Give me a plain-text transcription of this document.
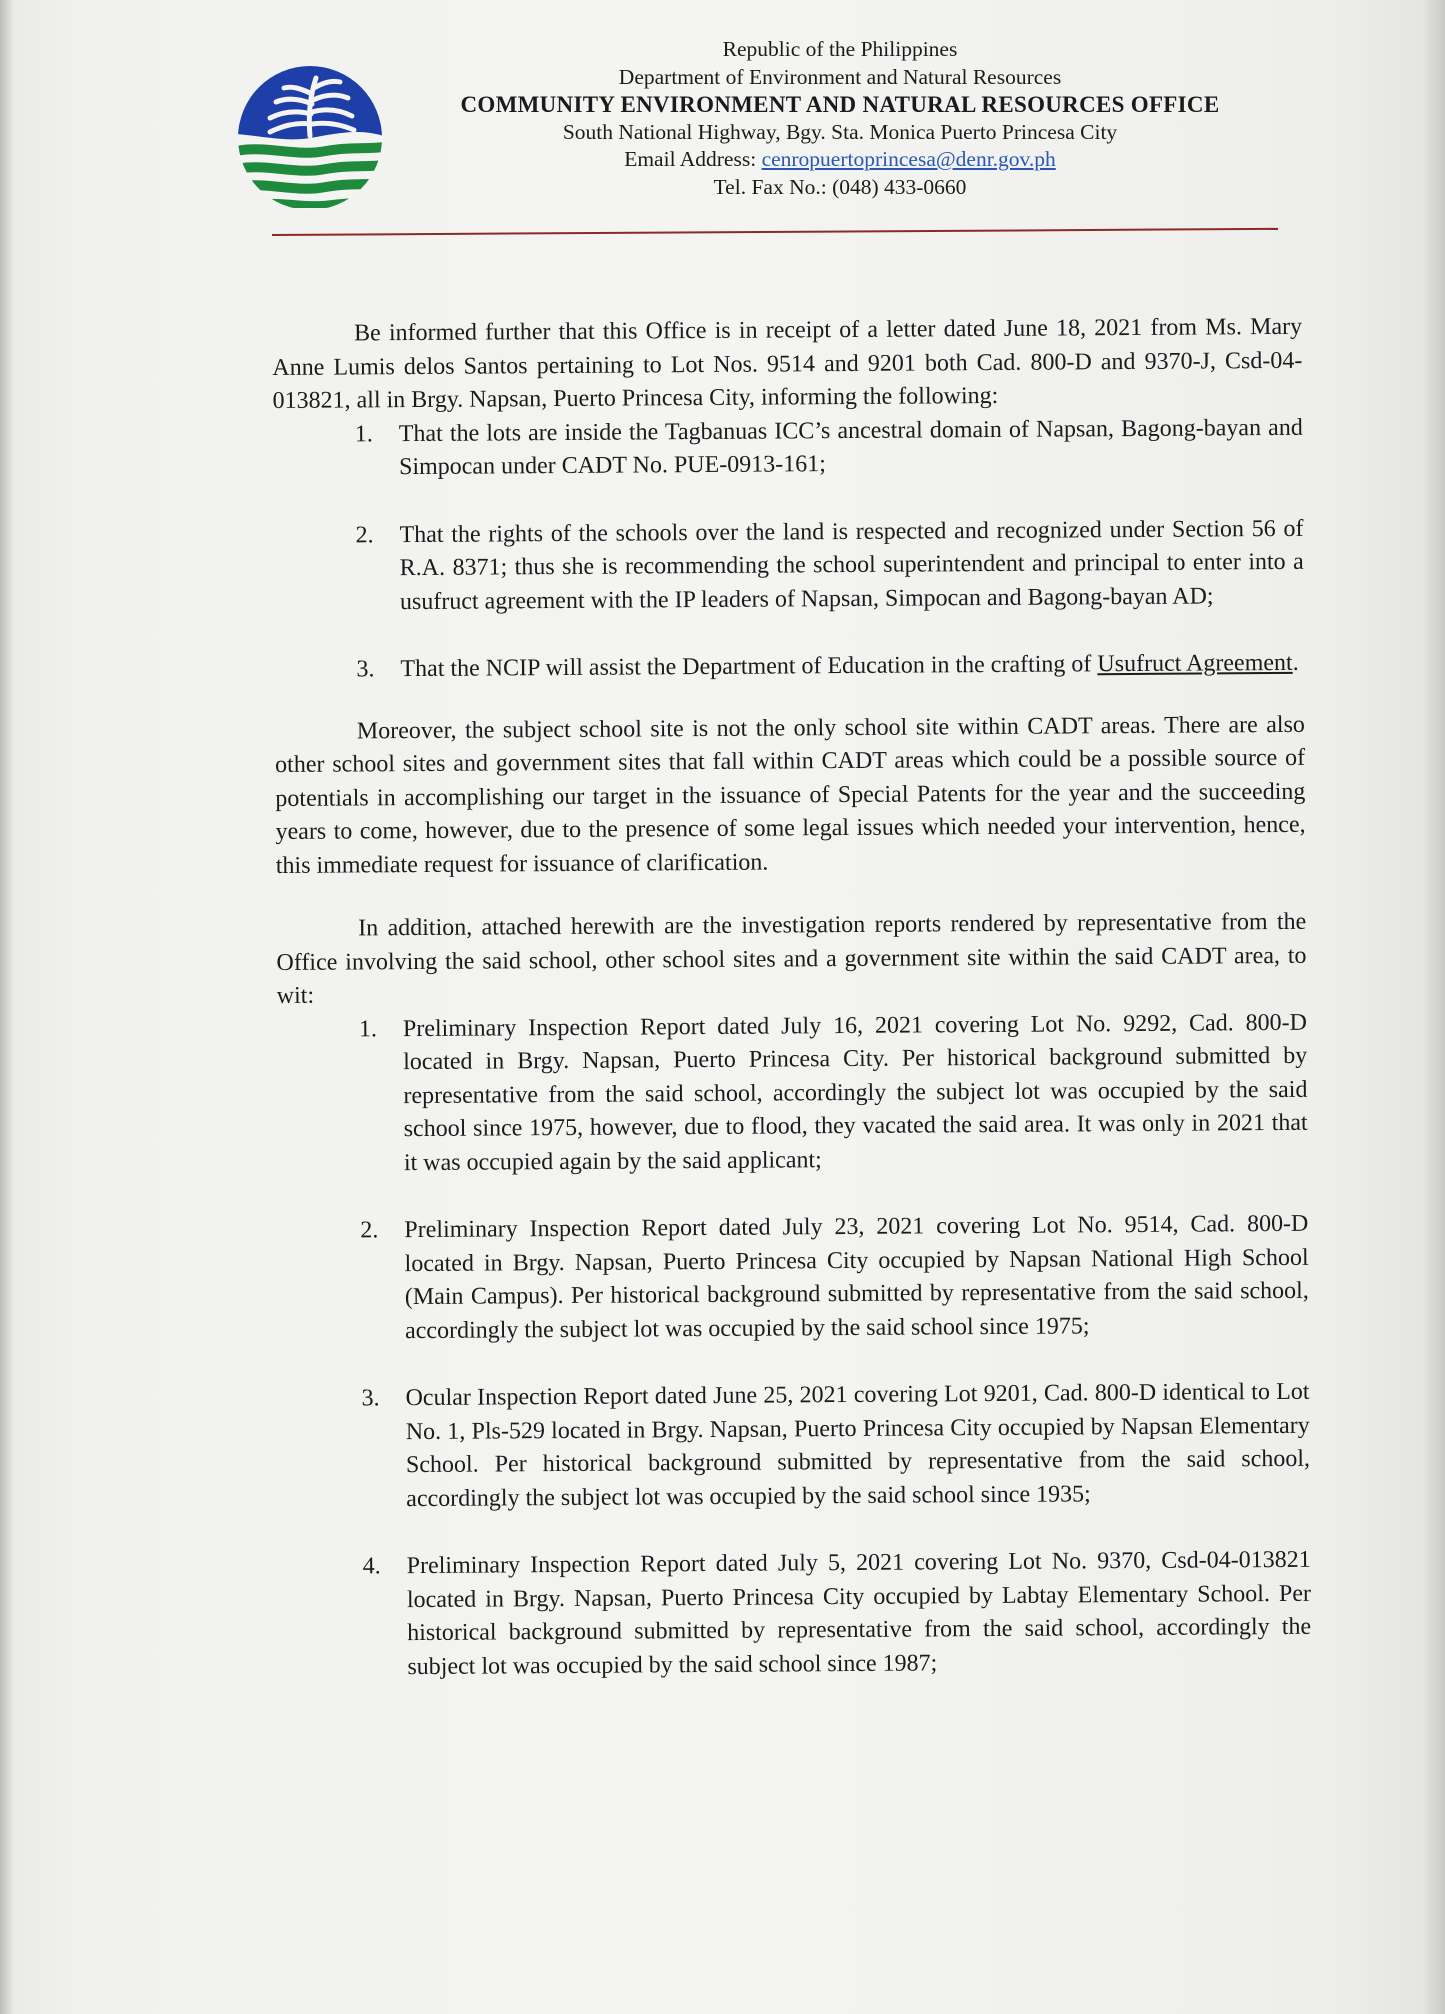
Republic of the Philippines
Department of Environment and Natural Resources
COMMUNITY ENVIRONMENT AND NATURAL RESOURCES OFFICE
South National Highway, Bgy. Sta. Monica Puerto Princesa City
Email Address: cenropuertoprincesa@denr.gov.ph
Tel. Fax No.: (048) 433-0660

Be informed further that this Office is in receipt of a letter dated June 18, 2021 from Ms. Mary Anne Lumis delos Santos pertaining to Lot Nos. 9514 and 9201 both Cad. 800-D and 9370-J, Csd-04-013821, all in Brgy. Napsan, Puerto Princesa City, informing the following:

1. That the lots are inside the Tagbanuas ICC’s ancestral domain of Napsan, Bagong-bayan and Simpocan under CADT No. PUE-0913-161;
2. That the rights of the schools over the land is respected and recognized under Section 56 of R.A. 8371; thus she is recommending the school superintendent and principal to enter into a usufruct agreement with the IP leaders of Napsan, Simpocan and Bagong-bayan AD;
3. That the NCIP will assist the Department of Education in the crafting of Usufruct Agreement.

Moreover, the subject school site is not the only school site within CADT areas. There are also other school sites and government sites that fall within CADT areas which could be a possible source of potentials in accomplishing our target in the issuance of Special Patents for the year and the succeeding years to come, however, due to the presence of some legal issues which needed your intervention, hence, this immediate request for issuance of clarification.

In addition, attached herewith are the investigation reports rendered by representative from the Office involving the said school, other school sites and a government site within the said CADT area, to wit:

1. Preliminary Inspection Report dated July 16, 2021 covering Lot No. 9292, Cad. 800-D located in Brgy. Napsan, Puerto Princesa City. Per historical background submitted by representative from the said school, accordingly the subject lot was occupied by the said school since 1975, however, due to flood, they vacated the said area. It was only in 2021 that it was occupied again by the said applicant;
2. Preliminary Inspection Report dated July 23, 2021 covering Lot No. 9514, Cad. 800-D located in Brgy. Napsan, Puerto Princesa City occupied by Napsan National High School (Main Campus). Per historical background submitted by representative from the said school, accordingly the subject lot was occupied by the said school since 1975;
3. Ocular Inspection Report dated June 25, 2021 covering Lot 9201, Cad. 800-D identical to Lot No. 1, Pls-529 located in Brgy. Napsan, Puerto Princesa City occupied by Napsan Elementary School. Per historical background submitted by representative from the said school, accordingly the subject lot was occupied by the said school since 1935;
4. Preliminary Inspection Report dated July 5, 2021 covering Lot No. 9370, Csd-04-013821 located in Brgy. Napsan, Puerto Princesa City occupied by Labtay Elementary School. Per historical background submitted by representative from the said school, accordingly the subject lot was occupied by the said school since 1987;
